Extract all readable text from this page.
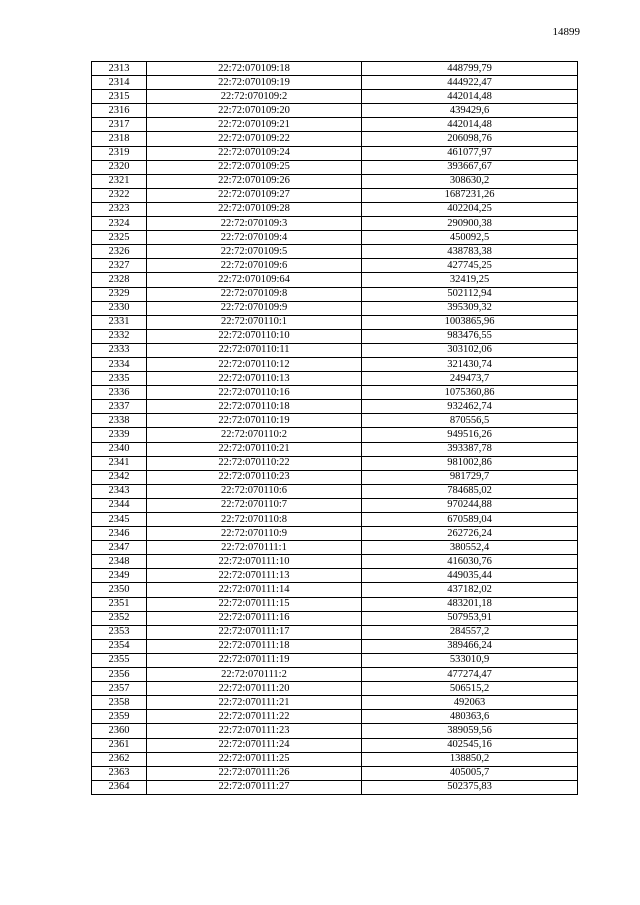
14899
2313	22:72:070109:18	448799,79
2314	22:72:070109:19	444922,47
2315	22:72:070109:2	442014,48
2316	22:72:070109:20	439429,6
2317	22:72:070109:21	442014,48
2318	22:72:070109:22	206098,76
2319	22:72:070109:24	461077,97
2320	22:72:070109:25	393667,67
2321	22:72:070109:26	308630,2
2322	22:72:070109:27	1687231,26
2323	22:72:070109:28	402204,25
2324	22:72:070109:3	290900,38
2325	22:72:070109:4	450092,5
2326	22:72:070109:5	438783,38
2327	22:72:070109:6	427745,25
2328	22:72:070109:64	32419,25
2329	22:72:070109:8	502112,94
2330	22:72:070109:9	395309,32
2331	22:72:070110:1	1003865,96
2332	22:72:070110:10	983476,55
2333	22:72:070110:11	303102,06
2334	22:72:070110:12	321430,74
2335	22:72:070110:13	249473,7
2336	22:72:070110:16	1075360,86
2337	22:72:070110:18	932462,74
2338	22:72:070110:19	870556,5
2339	22:72:070110:2	949516,26
2340	22:72:070110:21	393387,78
2341	22:72:070110:22	981002,86
2342	22:72:070110:23	981729,7
2343	22:72:070110:6	784685,02
2344	22:72:070110:7	970244,88
2345	22:72:070110:8	670589,04
2346	22:72:070110:9	262726,24
2347	22:72:070111:1	380552,4
2348	22:72:070111:10	416030,76
2349	22:72:070111:13	449035,44
2350	22:72:070111:14	437182,02
2351	22:72:070111:15	483201,18
2352	22:72:070111:16	507953,91
2353	22:72:070111:17	284557,2
2354	22:72:070111:18	389466,24
2355	22:72:070111:19	533010,9
2356	22:72:070111:2	477274,47
2357	22:72:070111:20	506515,2
2358	22:72:070111:21	492063
2359	22:72:070111:22	480363,6
2360	22:72:070111:23	389059,56
2361	22:72:070111:24	402545,16
2362	22:72:070111:25	138850,2
2363	22:72:070111:26	405005,7
2364	22:72:070111:27	502375,83
